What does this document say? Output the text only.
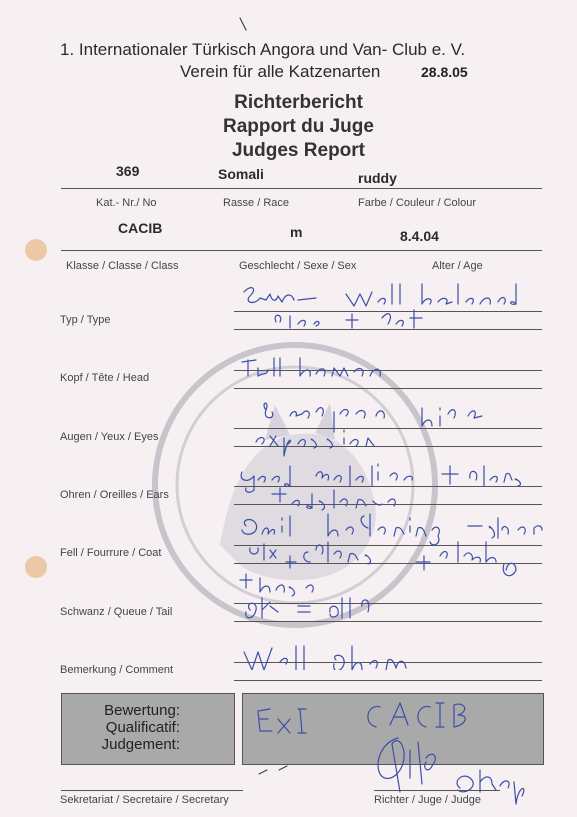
1. Internationaler Türkisch Angora und Van- Club e. V.
Verein für alle Katzenarten	28.8.05
Richterbericht
Rapport du Juge
Judges Report
369	Somali	ruddy
Kat.- Nr./ No	Rasse / Race	Farbe / Couleur / Colour
CACIB	m	8.4.04
Klasse / Classe / Class	Geschlecht / Sexe / Sex	Alter / Age
Typ / Type
Kopf / Tête / Head
Augen / Yeux / Eyes
Ohren / Oreilles / Ears
Fell / Fourrure / Coat
Schwanz / Queue / Tail
Bemerkung / Comment
Bewertung:
Qualificatif:
Judgement:
Sekretariat / Secretaire / Secretary	Richter / Juge / Judge
